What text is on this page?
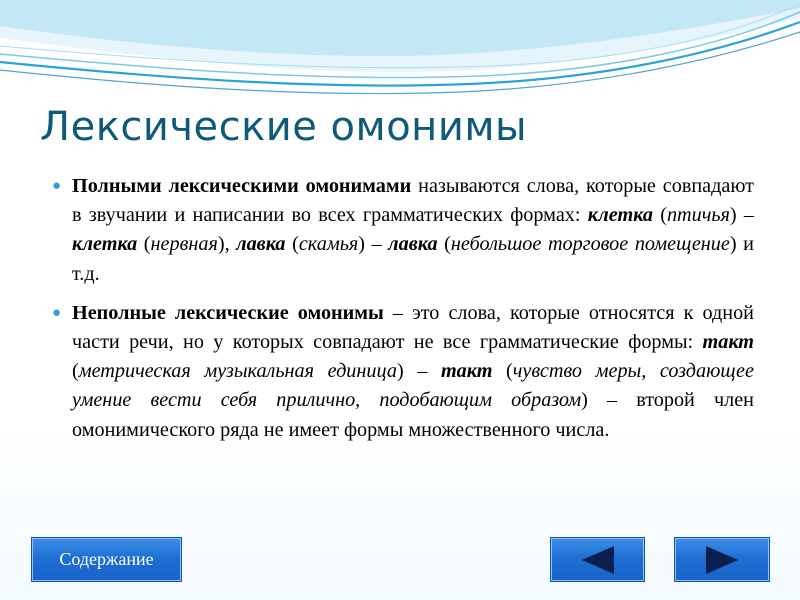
Лексические омонимы

● Полными лексическими омонимами называются слова, которые совпадают в звучании и написании во всех грамматических формах: клетка (птичья) – клетка (нервная), лавка (скамья) – лавка (небольшое торговое помещение) и т.д.

● Неполные лексические омонимы – это слова, которые относятся к одной части речи, но у которых совпадают не все грамматические формы: такт (метрическая музыкальная единица) – такт (чувство меры, создающее умение вести себя прилично, подобающим образом) – второй член омонимического ряда не имеет формы множественного числа.

Содержание
